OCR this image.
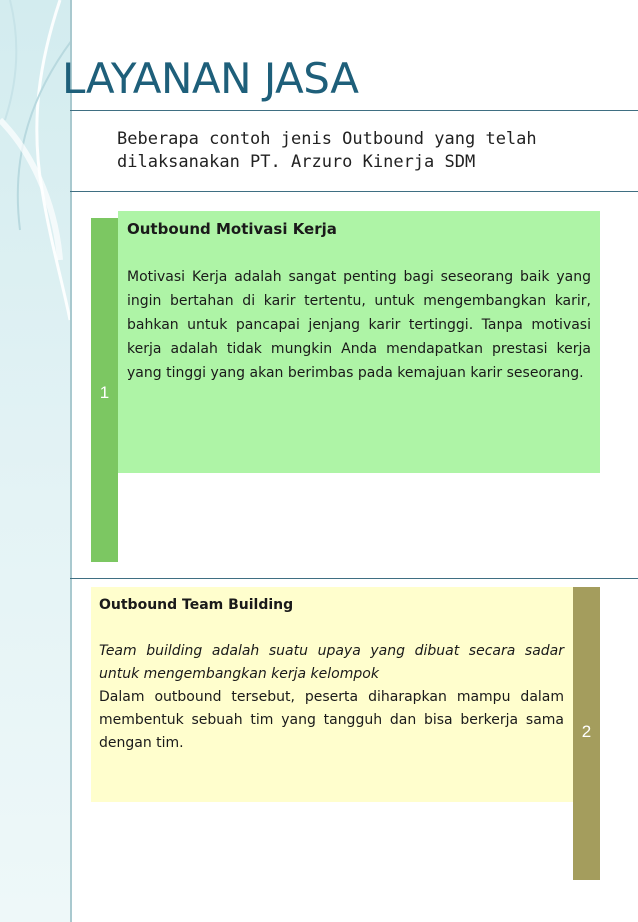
LAYANAN JASA

Beberapa contoh jenis Outbound yang telah
dilaksanakan PT. Arzuro Kinerja SDM

1
Outbound Motivasi Kerja

Motivasi Kerja adalah sangat penting bagi seseorang baik yang ingin bertahan di karir tertentu, untuk mengembangkan karir, bahkan untuk pancapai jenjang karir tertinggi. Tanpa motivasi kerja adalah tidak mungkin Anda mendapatkan prestasi kerja yang tinggi yang akan berimbas pada kemajuan karir seseorang.

2
Outbound Team Building

Team building adalah suatu upaya yang dibuat secara sadar untuk mengembangkan kerja kelompok

Dalam outbound tersebut, peserta diharapkan mampu dalam membentuk sebuah tim yang tangguh dan bisa berkerja sama dengan tim.
